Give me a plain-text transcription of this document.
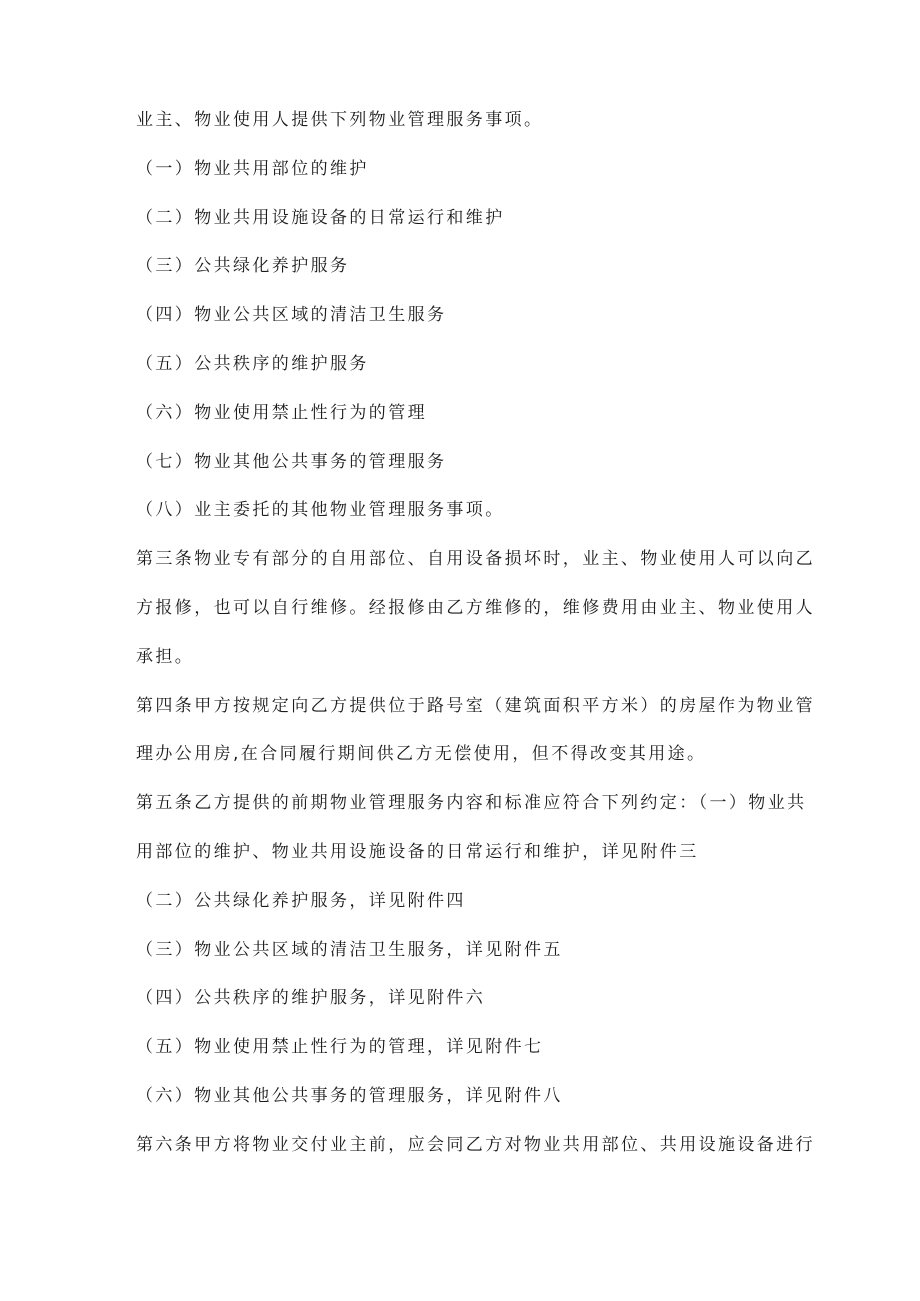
业主、物业使用人提供下列物业管理服务事项。

（一）物业共用部位的维护

（二）物业共用设施设备的日常运行和维护

（三）公共绿化养护服务

（四）物业公共区域的清洁卫生服务

（五）公共秩序的维护服务

（六）物业使用禁止性行为的管理

（七）物业其他公共事务的管理服务

（八）业主委托的其他物业管理服务事项。

第三条物业专有部分的自用部位、自用设备损坏时，业主、物业使用人可以向乙

方报修，也可以自行维修。经报修由乙方维修的，维修费用由业主、物业使用人

承担。

第四条甲方按规定向乙方提供位于路号室（建筑面积平方米）的房屋作为物业管

理办公用房,在合同履行期间供乙方无偿使用，但不得改变其用途。

第五条乙方提供的前期物业管理服务内容和标准应符合下列约定：（一）物业共

用部位的维护、物业共用设施设备的日常运行和维护，详见附件三

（二）公共绿化养护服务，详见附件四

（三）物业公共区域的清洁卫生服务，详见附件五

（四）公共秩序的维护服务，详见附件六

（五）物业使用禁止性行为的管理，详见附件七

（六）物业其他公共事务的管理服务，详见附件八

第六条甲方将物业交付业主前，应会同乙方对物业共用部位、共用设施设备进行
